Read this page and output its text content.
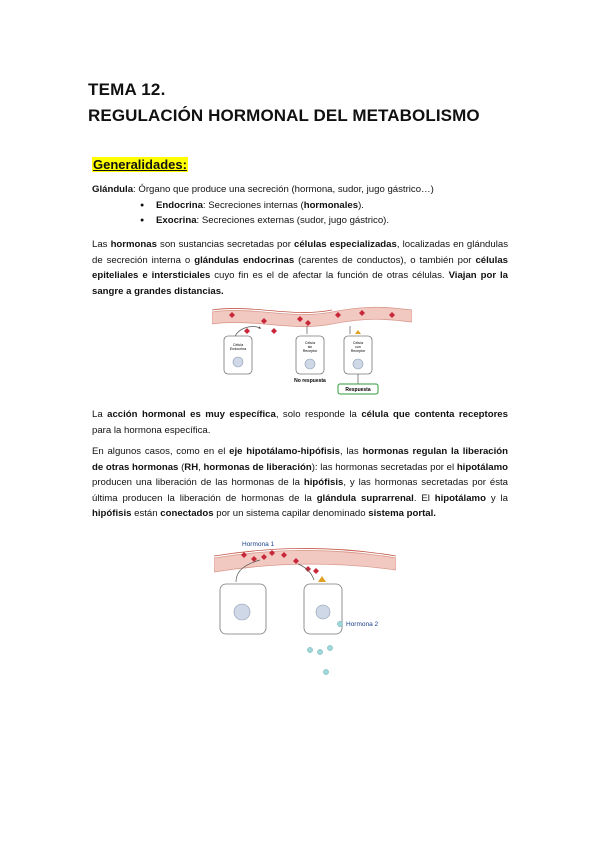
TEMA 12.
REGULACIÓN HORMONAL DEL METABOLISMO
Generalidades:
Glándula: Órgano que produce una secreción (hormona, sudor, jugo gástrico…)
● Endocrina: Secreciones internas (hormonales).
● Exocrina: Secreciones externas (sudor, jugo gástrico).
Las hormonas son sustancias secretadas por células especializadas, localizadas en glándulas de secreción interna o glándulas endocrinas (carentes de conductos), o también por células epiteliales e intersticiales cuyo fin es el de afectar la función de otras células. Viajan por la sangre a grandes distancias.
Célula
Endocrina
Célula
sin
Receptor
Célula
con
Receptor
No respuesta
Respuesta
La acción hormonal es muy específica, solo responde la célula que contenta receptores para la hormona específica.
En algunos casos, como en el eje hipotálamo-hipófisis, las hormonas regulan la liberación de otras hormonas (RH, hormonas de liberación): las hormonas secretadas por el hipotálamo producen una liberación de las hormonas de la hipófisis, y las hormonas secretadas por ésta última producen la liberación de hormonas de la glándula suprarrenal. El hipotálamo y la hipófisis están conectados por un sistema capilar denominado sistema portal.
Hormona 1
Hormona 2
